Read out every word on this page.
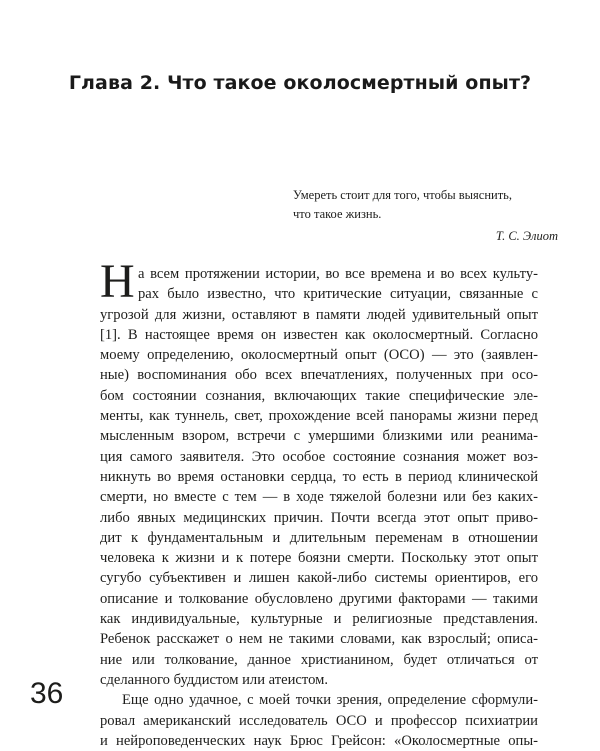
Глава 2. Что такое околосмертный опыт?
Умереть стоит для того, чтобы выяснить,
что такое жизнь.
Т. С. Элиот
Н а всем протяжении истории, во все времена и во всех культу-
рах было известно, что критические ситуации, связанные с
угрозой для жизни, оставляют в памяти людей удивительный опыт
[1]. В настоящее время он известен как околосмертный. Согласно
моему определению, околосмертный опыт (ОСО) — это (заявлен-
ные) воспоминания обо всех впечатлениях, полученных при осо-
бом состоянии сознания, включающих такие специфические эле-
менты, как туннель, свет, прохождение всей панорамы жизни перед
мысленным взором, встречи с умершими близкими или реанима-
ция самого заявителя. Это особое состояние сознания может воз-
никнуть во время остановки сердца, то есть в период клинической
смерти, но вместе с тем — в ходе тяжелой болезни или без каких-
либо явных медицинских причин. Почти всегда этот опыт приво-
дит к фундаментальным и длительным переменам в отношении
человека к жизни и к потере боязни смерти. Поскольку этот опыт
сугубо субъективен и лишен какой-либо системы ориентиров, его
описание и толкование обусловлено другими факторами — такими
как индивидуальные, культурные и религиозные представления.
Ребенок расскажет о нем не такими словами, как взрослый; описа-
ние или толкование, данное христианином, будет отличаться от
сделанного буддистом или атеистом.
Еще одно удачное, с моей точки зрения, определение сформули-
ровал американский исследователь ОСО и профессор психиатрии
и нейроповеденческих наук Брюс Грейсон: «Околосмертные опы-
36
